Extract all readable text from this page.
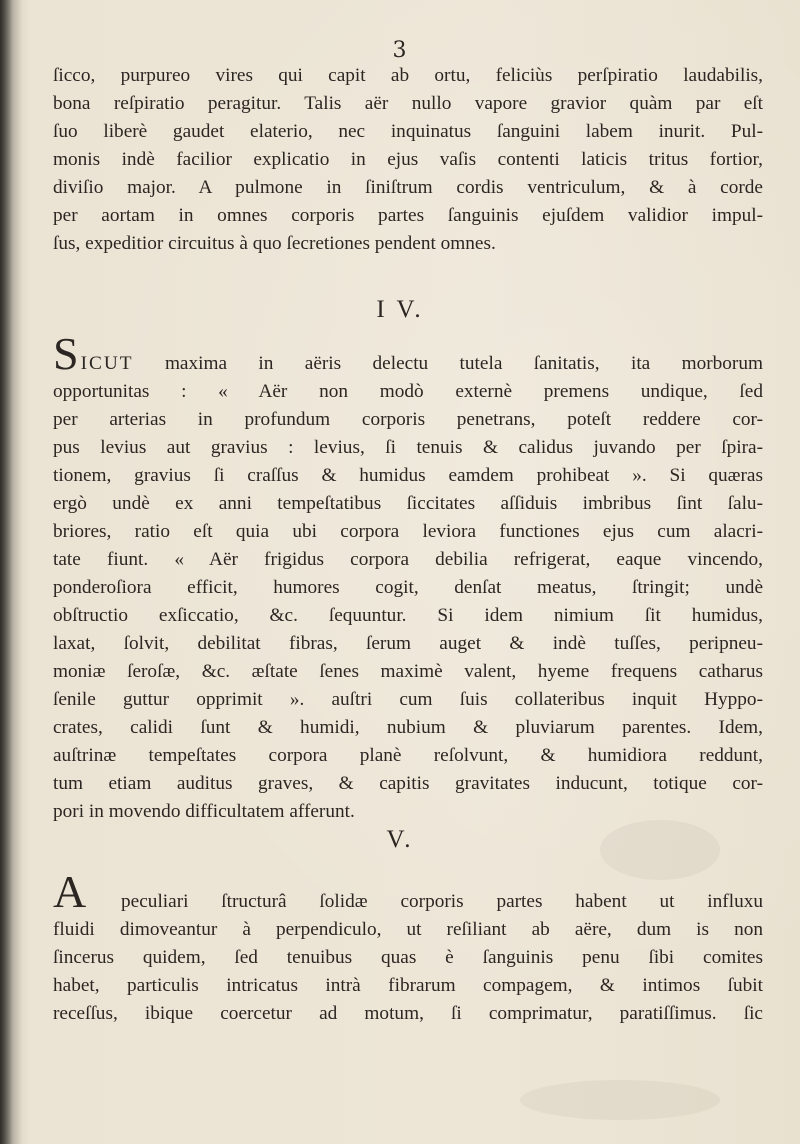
3
ſicco, purpureo vires qui capit ab ortu, feliciùs perſpiratio laudabilis,
bona reſpiratio peragitur. Talis aër nullo vapore gravior quàm par eſt
ſuo liberè gaudet elaterio, nec inquinatus ſanguini labem inurit. Pul-
monis indè facilior explicatio in ejus vaſis contenti laticis tritus fortior,
diviſio major. A pulmone in ſiniſtrum cordis ventriculum, & à corde
per aortam in omnes corporis partes ſanguinis ejuſdem validior impul-
ſus, expeditior circuitus à quo ſecretiones pendent omnes.
I V.
SICUT maxima in aëris delectu tutela ſanitatis, ita morborum
opportunitas : « Aër non modò externè premens undique, ſed
per arterias in profundum corporis penetrans, poteſt reddere cor-
pus levius aut gravius : levius, ſi tenuis & calidus juvando per ſpira-
tionem, gravius ſi craſſus & humidus eamdem prohibeat ». Si quæras
ergò undè ex anni tempeſtatibus ſiccitates aſſiduis imbribus ſint ſalu-
briores, ratio eſt quia ubi corpora leviora functiones ejus cum alacri-
tate fiunt. « Aër frigidus corpora debilia refrigerat, eaque vincendo,
ponderoſiora efficit, humores cogit, denſat meatus, ſtringit; undè
obſtructio exſiccatio, &c. ſequuntur. Si idem nimium ſit humidus,
laxat, ſolvit, debilitat fibras, ſerum auget & indè tuſſes, peripneu-
moniæ ſeroſæ, &c. æſtate ſenes maximè valent, hyeme frequens catharus
ſenile guttur opprimit ». auſtri cum ſuis collateribus inquit Hyppo-
crates, calidi ſunt & humidi, nubium & pluviarum parentes. Idem,
auſtrinæ tempeſtates corpora planè reſolvunt, & humidiora reddunt,
tum etiam auditus graves, & capitis gravitates inducunt, totique cor-
pori in movendo difficultatem afferunt.
V.
A peculiari ſtructurâ ſolidæ corporis partes habent ut influxu
fluidi dimoveantur à perpendiculo, ut reſiliant ab aëre, dum is non
ſincerus quidem, ſed tenuibus quas è ſanguinis penu ſibi comites
habet, particulis intricatus intrà fibrarum compagem, & intimos ſubit
receſſus, ibique coercetur ad motum, ſi comprimatur, paratiſſimus. ſic
